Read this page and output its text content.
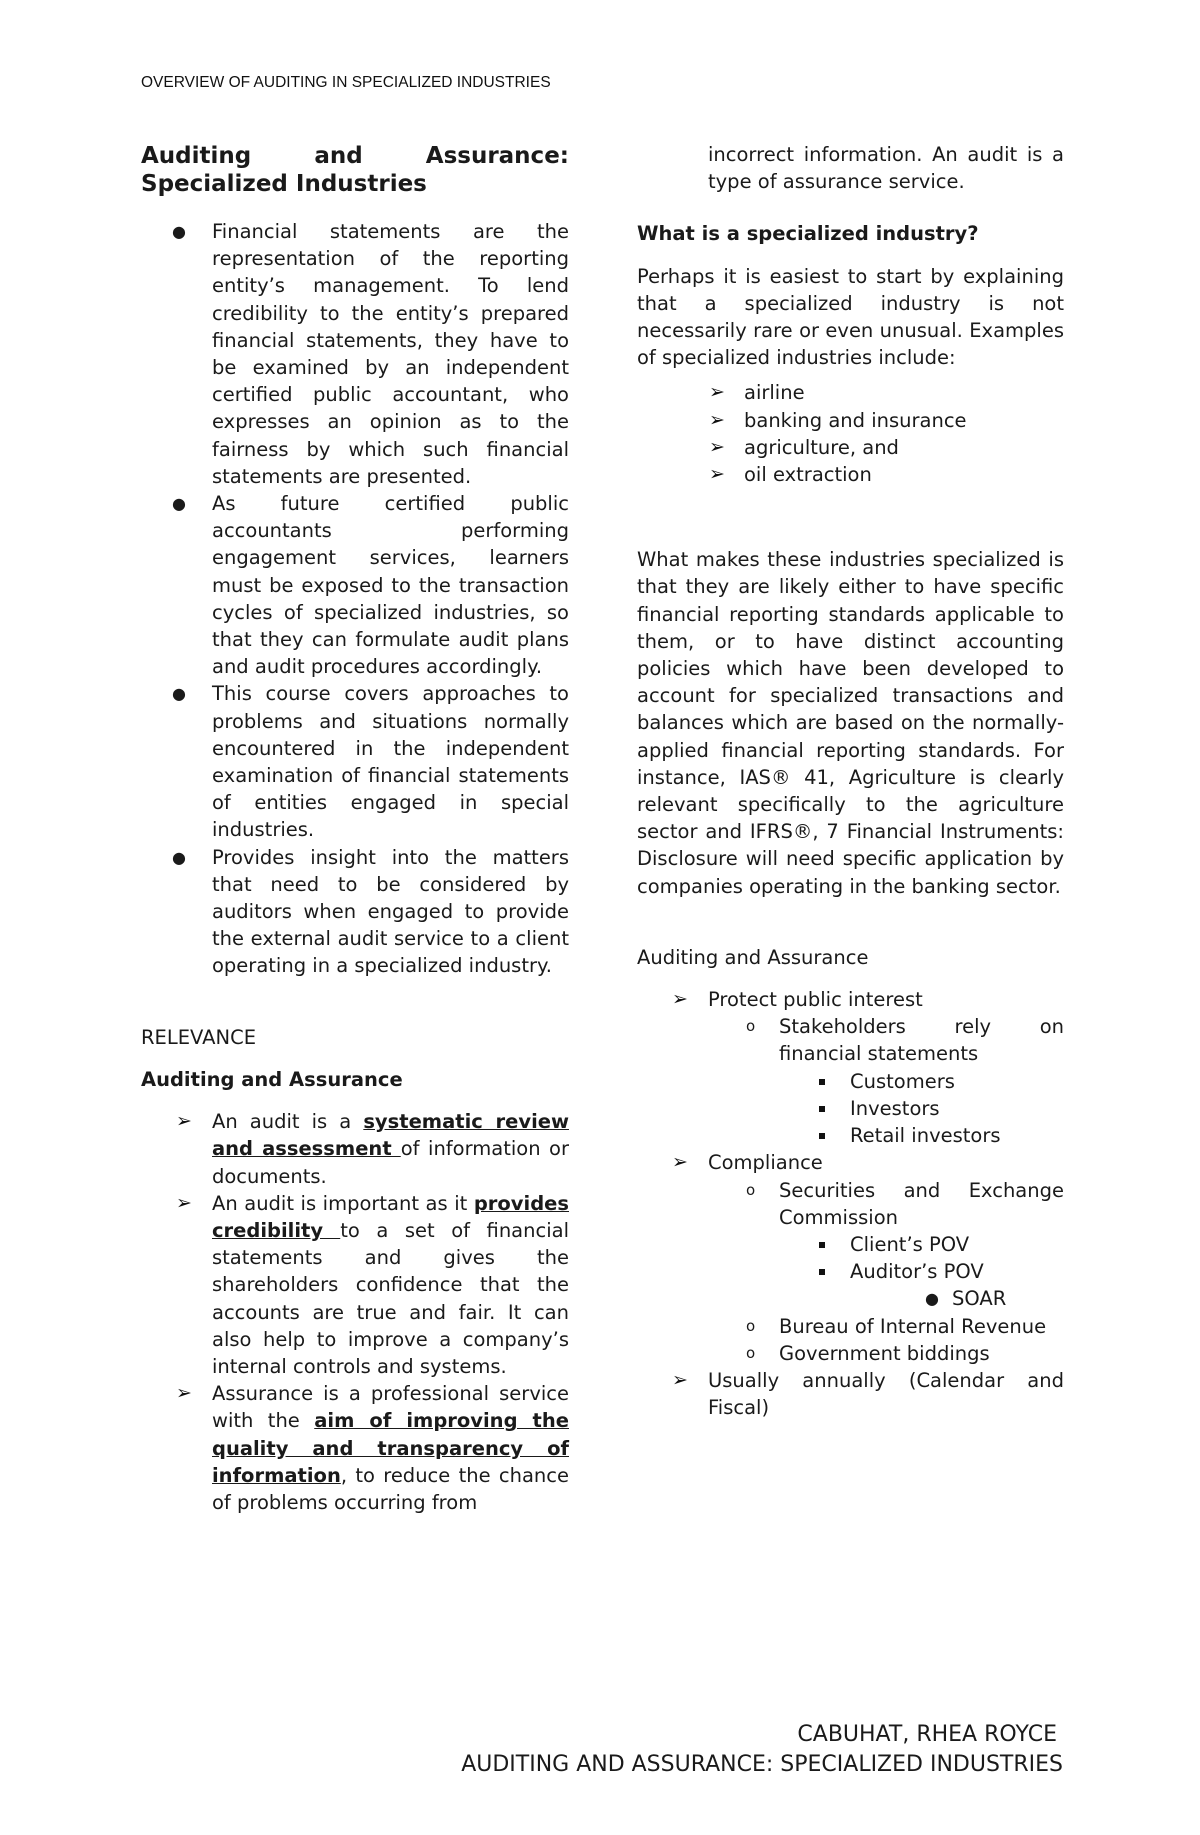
OVERVIEW OF AUDITING IN SPECIALIZED INDUSTRIES
Auditing	and	Assurance:
Specialized Industries
● Financial statements are the representation of the reporting entity’s management. To lend credibility to the entity’s prepared financial statements, they have to be examined by an independent certified public accountant, who expresses an opinion as to the fairness by which such financial statements are presented.
● As future certified public accountants performing engagement services, learners must be exposed to the transaction cycles of specialized industries, so that they can formulate audit plans and audit procedures accordingly.
● This course covers approaches to problems and situations normally encountered in the independent examination of financial statements of entities engaged in special industries.
● Provides insight into the matters that need to be considered by auditors when engaged to provide the external audit service to a client operating in a specialized industry.
RELEVANCE
Auditing and Assurance
➢ An audit is a systematic review and assessment of information or documents.
➢ An audit is important as it provides credibility to a set of financial statements and gives the shareholders confidence that the accounts are true and fair. It can also help to improve a company’s internal controls and systems.
➢ Assurance is a professional service with the aim of improving the quality and transparency of information, to reduce the chance of problems occurring from
incorrect information. An audit is a type of assurance service.
What is a specialized industry?
Perhaps it is easiest to start by explaining that a specialized industry is not necessarily rare or even unusual. Examples of specialized industries include:
➢ airline
➢ banking and insurance
➢ agriculture, and
➢ oil extraction
What makes these industries specialized is that they are likely either to have specific financial reporting standards applicable to them, or to have distinct accounting policies which have been developed to account for specialized transactions and balances which are based on the normally-applied financial reporting standards. For instance, IAS® 41, Agriculture is clearly relevant specifically to the agriculture sector and IFRS®, 7 Financial Instruments: Disclosure will need specific application by companies operating in the banking sector.
Auditing and Assurance
➢ Protect public interest
o Stakeholders rely on financial statements
Customers
Investors
Retail investors
➢ Compliance
o Securities and Exchange Commission
Client’s POV
Auditor’s POV
● SOAR
o Bureau of Internal Revenue
o Government biddings
➢ Usually annually (Calendar and Fiscal)
CABUHAT, RHEA ROYCE
AUDITING AND ASSURANCE: SPECIALIZED INDUSTRIES
